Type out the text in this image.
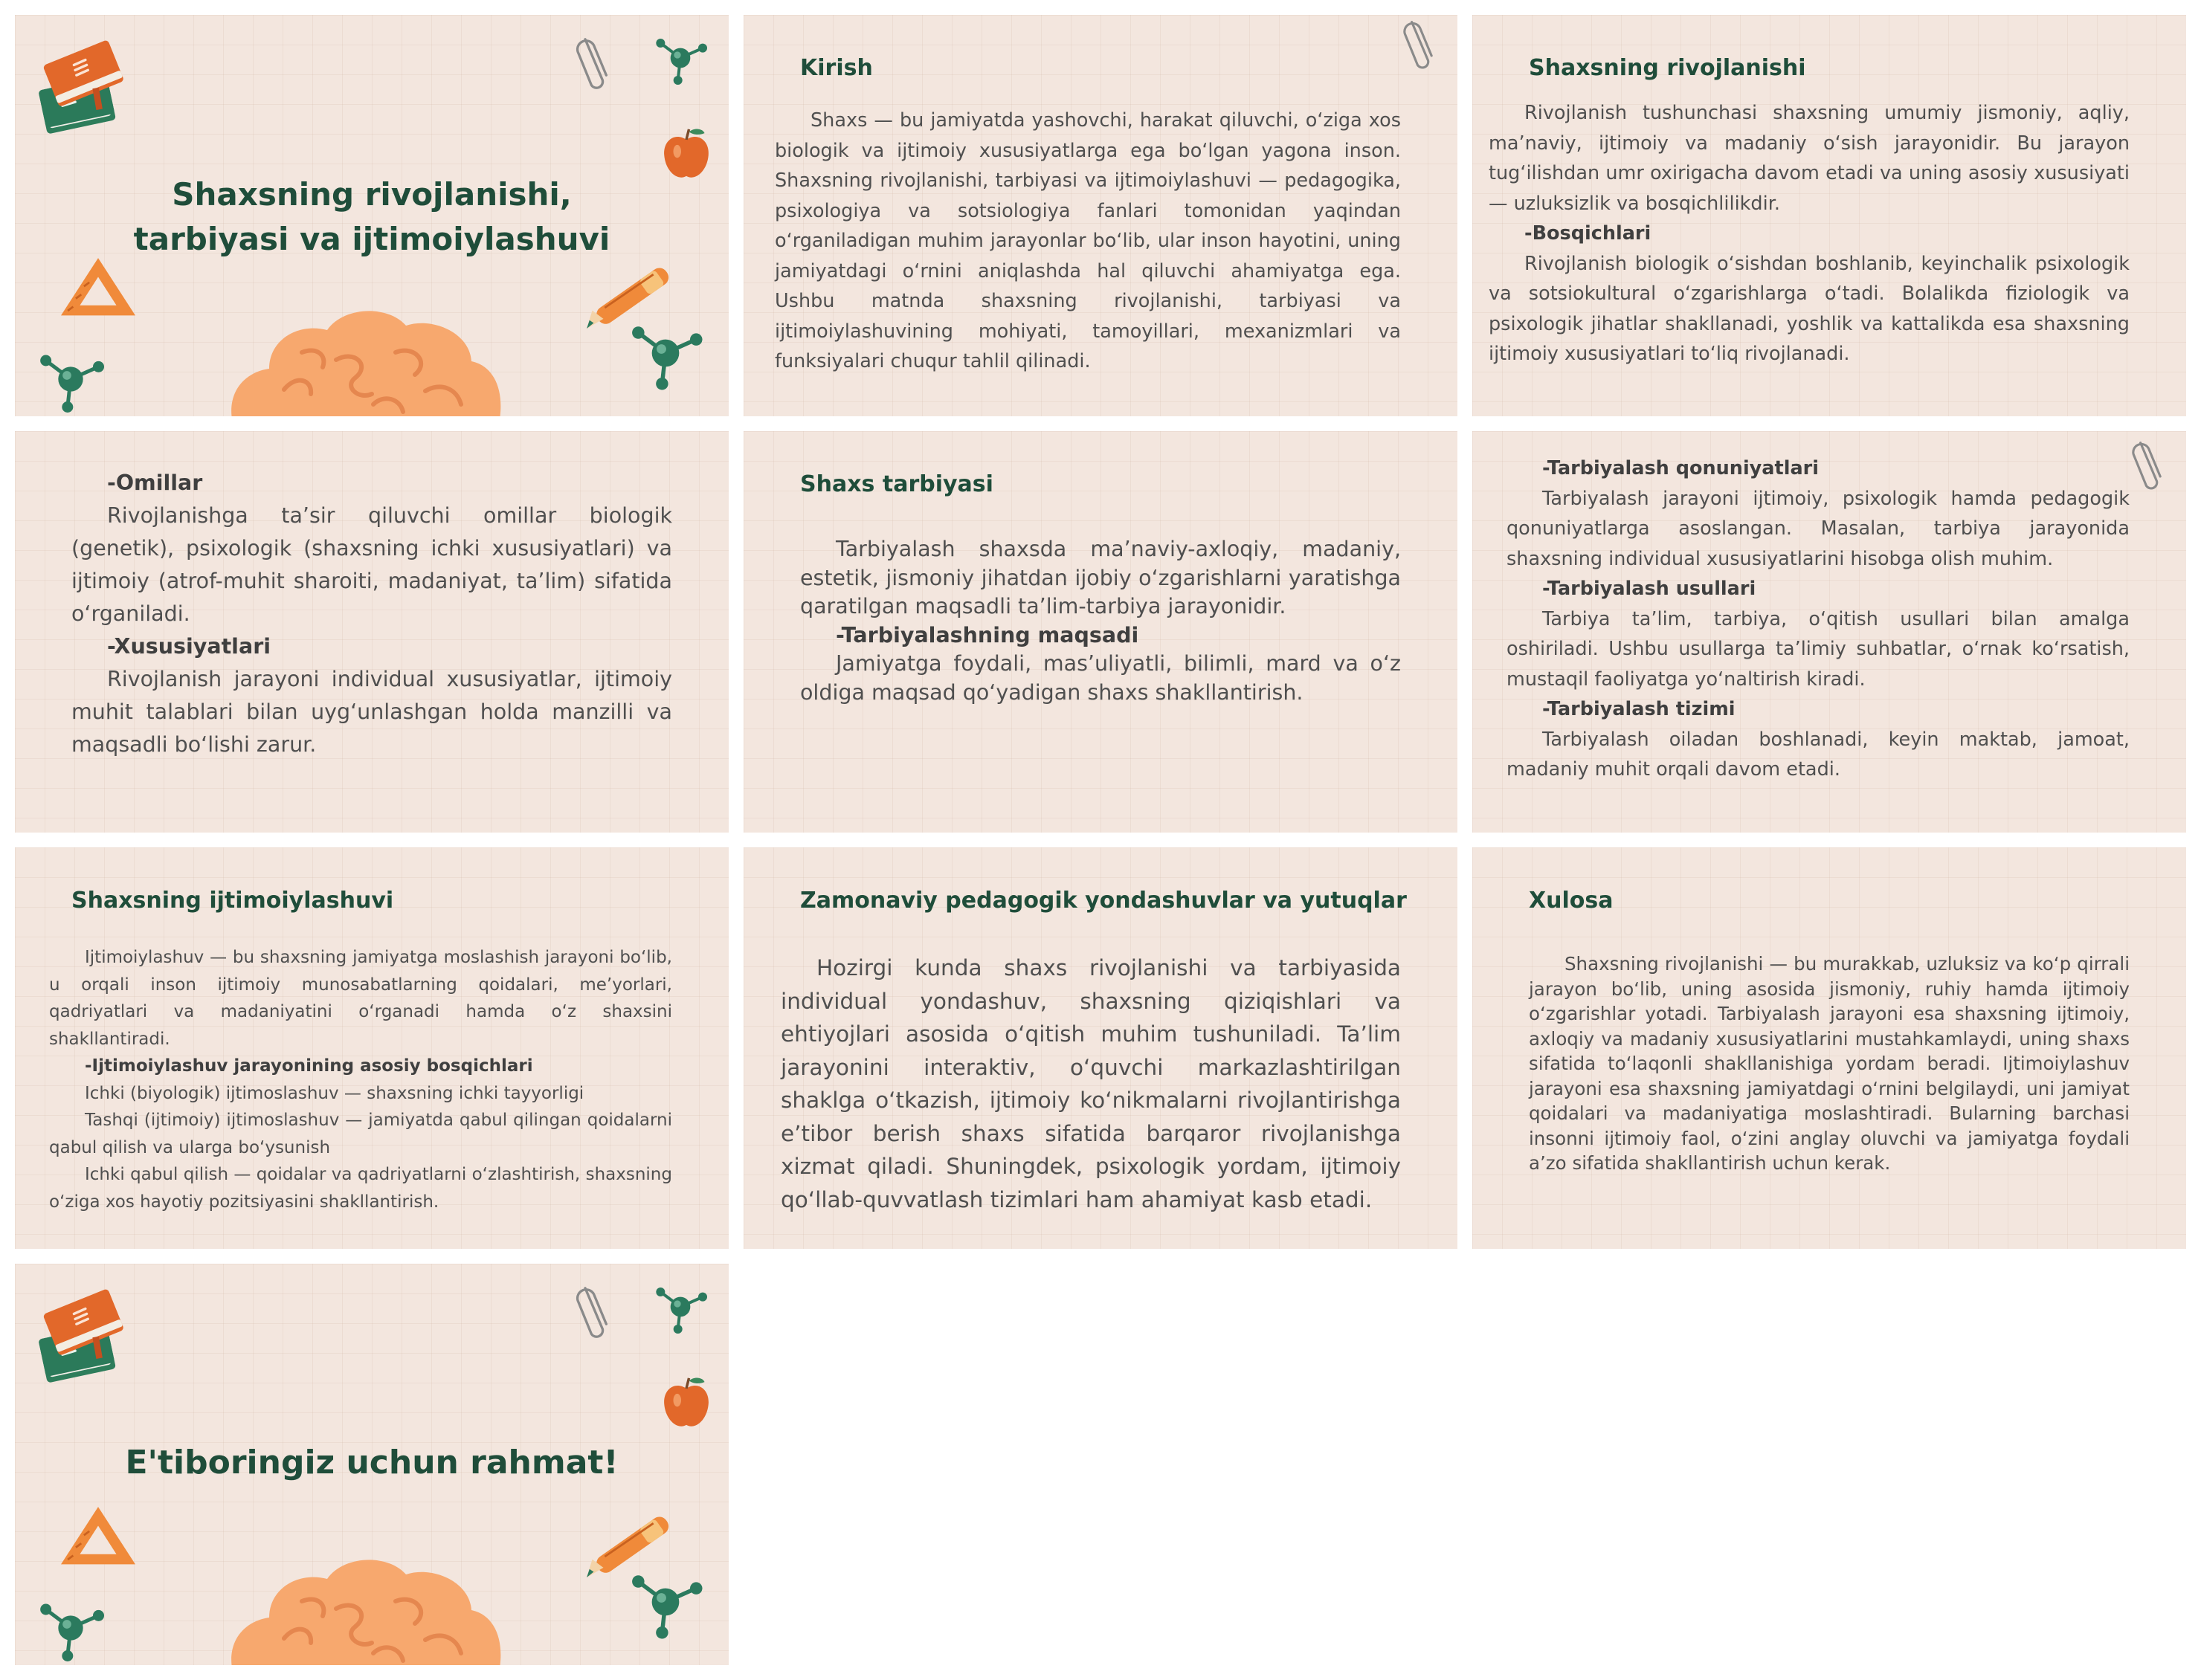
Shaxsning rivojlanishi,
tarbiyasi va ijtimoiylashuvi
Kirish

Shaxs — bu jamiyatda yashovchi, harakat qiluvchi, o‘ziga xos biologik va ijtimoiy xususiyatlarga ega bo‘lgan yagona inson. Shaxsning rivojlanishi, tarbiyasi va ijtimoiylashuvi — pedagogika, psixologiya va sotsiologiya fanlari tomonidan yaqindan o‘rganiladigan muhim jarayonlar bo‘lib, ular inson hayotini, uning jamiyatdagi o‘rnini aniqlashda hal qiluvchi ahamiyatga ega. Ushbu matnda shaxsning rivojlanishi, tarbiyasi va ijtimoiylashuvining mohiyati, tamoyillari, mexanizmlari va funksiyalari chuqur tahlil qilinadi.

Shaxsning rivojlanishi

Rivojlanish tushunchasi shaxsning umumiy jismoniy, aqliy, ma’naviy, ijtimoiy va madaniy o‘sish jarayonidir. Bu jarayon tug‘ilishdan umr oxirigacha davom etadi va uning asosiy xususiyati — uzluksizlik va bosqichlilikdir.

-Bosqichlari

Rivojlanish biologik o‘sishdan boshlanib, keyinchalik psixologik va sotsiokultural o‘zgarishlarga o‘tadi. Bolalikda fiziologik va psixologik jihatlar shakllanadi, yoshlik va kattalikda esa shaxsning ijtimoiy xususiyatlari to‘liq rivojlanadi.

-Omillar

Rivojlanishga ta’sir qiluvchi omillar biologik (genetik), psixologik (shaxsning ichki xususiyatlari) va ijtimoiy (atrof-muhit sharoiti, madaniyat, ta’lim) sifatida o‘rganiladi.

-Xususiyatlari

Rivojlanish jarayoni individual xususiyatlar, ijtimoiy muhit talablari bilan uyg‘unlashgan holda manzilli va maqsadli bo‘lishi zarur.

Shaxs tarbiyasi

Tarbiyalash shaxsda ma’naviy-axloqiy, madaniy, estetik, jismoniy jihatdan ijobiy o‘zgarishlarni yaratishga qaratilgan maqsadli ta’lim-tarbiya jarayonidir.

-Tarbiyalashning maqsadi

Jamiyatga foydali, mas’uliyatli, bilimli, mard va o‘z oldiga maqsad qo‘yadigan shaxs shakllantirish.

-Tarbiyalash qonuniyatlari

Tarbiyalash jarayoni ijtimoiy, psixologik hamda pedagogik qonuniyatlarga asoslangan. Masalan, tarbiya jarayonida shaxsning individual xususiyatlarini hisobga olish muhim.

-Tarbiyalash usullari

Tarbiya ta’lim, tarbiya, o‘qitish usullari bilan amalga oshiriladi. Ushbu usullarga ta’limiy suhbatlar, o‘rnak ko‘rsatish, mustaqil faoliyatga yo‘naltirish kiradi.

-Tarbiyalash tizimi

Tarbiyalash oiladan boshlanadi, keyin maktab, jamoat, madaniy muhit orqali davom etadi.

Shaxsning ijtimoiylashuvi

Ijtimoiylashuv — bu shaxsning jamiyatga moslashish jarayoni bo‘lib, u orqali inson ijtimoiy munosabatlarning qoidalari, me’yorlari, qadriyatlari va madaniyatini o‘rganadi hamda o‘z shaxsini shakllantiradi.

-Ijtimoiylashuv jarayonining asosiy bosqichlari

Ichki (biyologik) ijtimoslashuv — shaxsning ichki tayyorligi

Tashqi (ijtimoiy) ijtimoslashuv — jamiyatda qabul qilingan qoidalarni qabul qilish va ularga bo‘ysunish

Ichki qabul qilish — qoidalar va qadriyatlarni o‘zlashtirish, shaxsning o‘ziga xos hayotiy pozitsiyasini shakllantirish.

Zamonaviy pedagogik yondashuvlar va yutuqlar

Hozirgi kunda shaxs rivojlanishi va tarbiyasida individual yondashuv, shaxsning qiziqishlari va ehtiyojlari asosida o‘qitish muhim tushuniladi. Ta’lim jarayonini interaktiv, o‘quvchi markazlashtirilgan shaklga o‘tkazish, ijtimoiy ko‘nikmalarni rivojlantirishga e’tibor berish shaxs sifatida barqaror rivojlanishga xizmat qiladi. Shuningdek, psixologik yordam, ijtimoiy qo‘llab-quvvatlash tizimlari ham ahamiyat kasb etadi.

Xulosa

Shaxsning rivojlanishi — bu murakkab, uzluksiz va ko‘p qirrali jarayon bo‘lib, uning asosida jismoniy, ruhiy hamda ijtimoiy o‘zgarishlar yotadi. Tarbiyalash jarayoni esa shaxsning ijtimoiy, axloqiy va madaniy xususiyatlarini mustahkamlaydi, uning shaxs sifatida to‘laqonli shakllanishiga yordam beradi. Ijtimoiylashuv jarayoni esa shaxsning jamiyatdagi o‘rnini belgilaydi, uni jamiyat qoidalari va madaniyatiga moslashtiradi. Bularning barchasi insonni ijtimoiy faol, o‘zini anglay oluvchi va jamiyatga foydali a’zo sifatida shakllantirish uchun kerak.

E'tiboringiz uchun rahmat!
